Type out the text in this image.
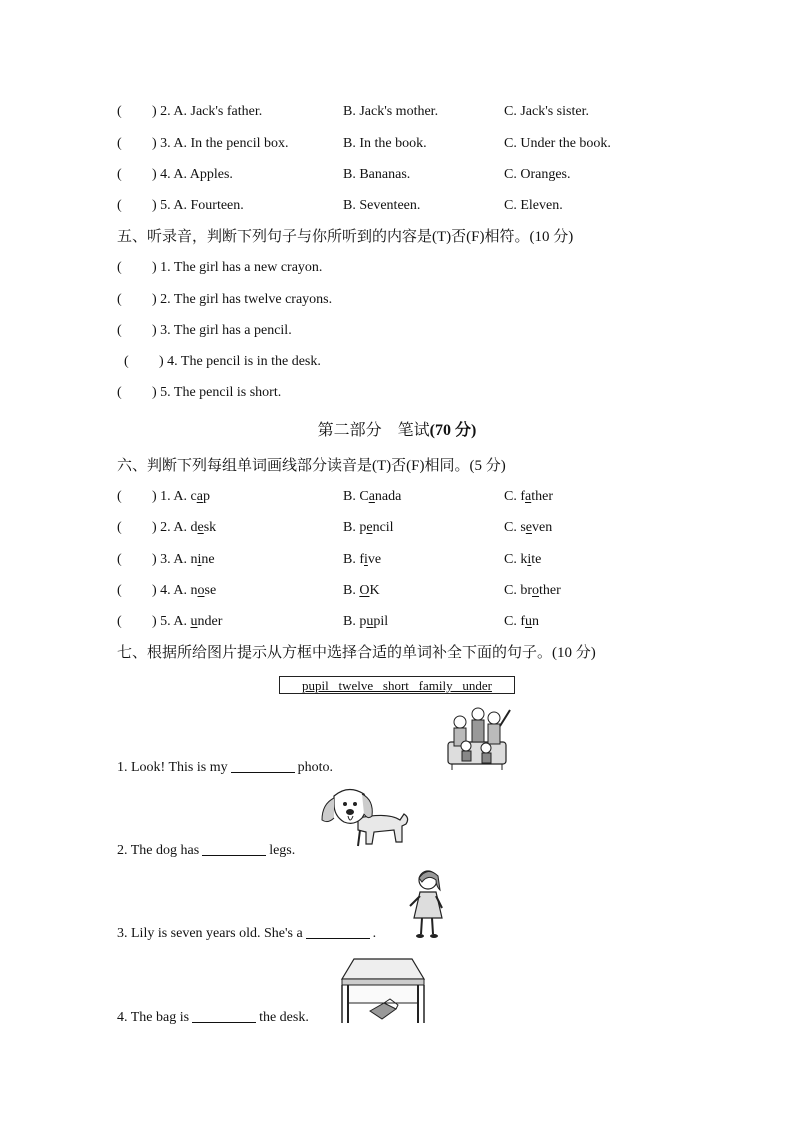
( ) 2. A. Jack's father.	B. Jack's mother.	C. Jack's sister.
( ) 3. A. In the pencil box.	B. In the book.	C. Under the book.
( ) 4. A. Apples.	B. Bananas.	C. Oranges.
( ) 5. A. Fourteen.	B. Seventeen.	C. Eleven.
五、听录音，判断下列句子与你所听到的内容是(T)否(F)相符。(10 分)
( ) 1. The girl has a new crayon.
( ) 2. The girl has twelve crayons.
( ) 3. The girl has a pencil.
( ) 4. The pencil is in the desk.
( ) 5. The pencil is short.
第二部分　笔试(70 分)
六、判断下列每组单词画线部分读音是(T)否(F)相同。(5 分)
( ) 1. A. cap	B. Canada	C. father
( ) 2. A. desk	B. pencil	C. seven
( ) 3. A. nine	B. five	C. kite
( ) 4. A. nose	B. OK	C. brother
( ) 5. A. under	B. pupil	C. fun
七、根据所给图片提示从方框中选择合适的单词补全下面的句子。(10 分)
pupil   twelve   short   family   under
1. Look! This is my	photo.
2. The dog has	legs.
3. Lily is seven years old. She's a	.
4. The bag is	the desk.
